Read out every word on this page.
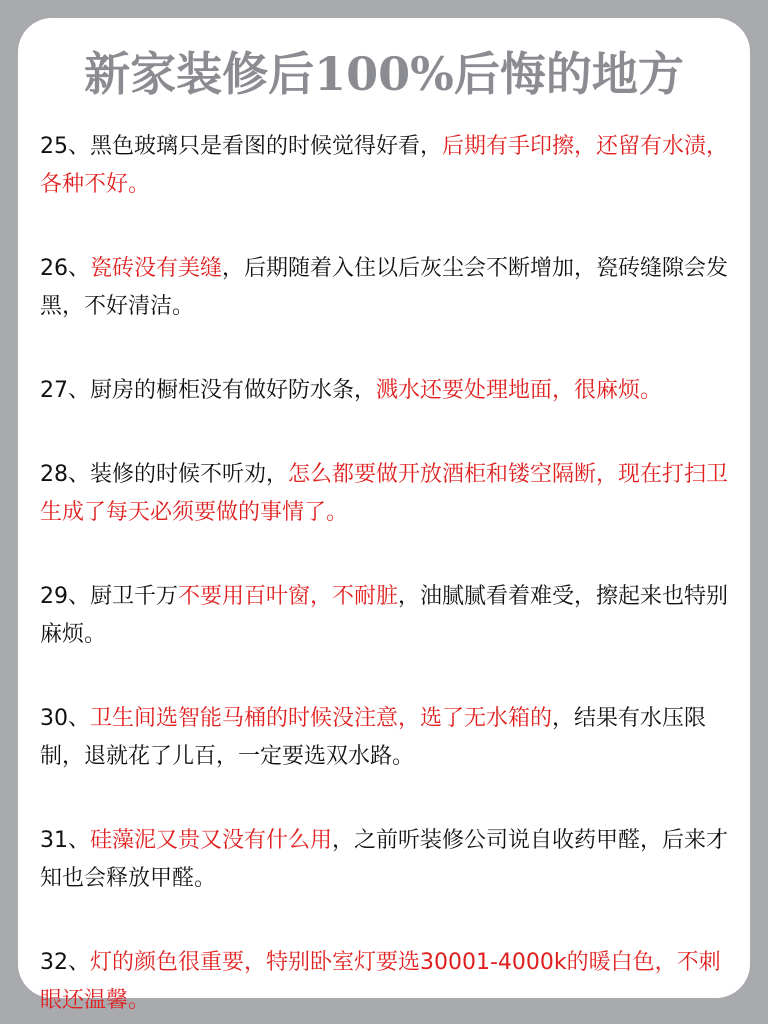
新家装修后100%后悔的地方

25、黑色玻璃只是看图的时候觉得好看，后期有手印擦，还留有水渍，各种不好。

26、瓷砖没有美缝，后期随着入住以后灰尘会不断增加，瓷砖缝隙会发黑，不好清洁。

27、厨房的橱柜没有做好防水条，溅水还要处理地面，很麻烦。

28、装修的时候不听劝，怎么都要做开放酒柜和镂空隔断，现在打扫卫生成了每天必须要做的事情了。

29、厨卫千万不要用百叶窗，不耐脏，油腻腻看着难受，擦起来也特别麻烦。

30、卫生间选智能马桶的时候没注意，选了无水箱的，结果有水压限制，退就花了儿百，一定要选双水路。

31、硅藻泥又贵又没有什么用，之前听装修公司说自收药甲醛，后来才知也会释放甲醛。

32、灯的颜色很重要，特别卧室灯要选30001-4000k的暖白色，不刺眼还温馨。
